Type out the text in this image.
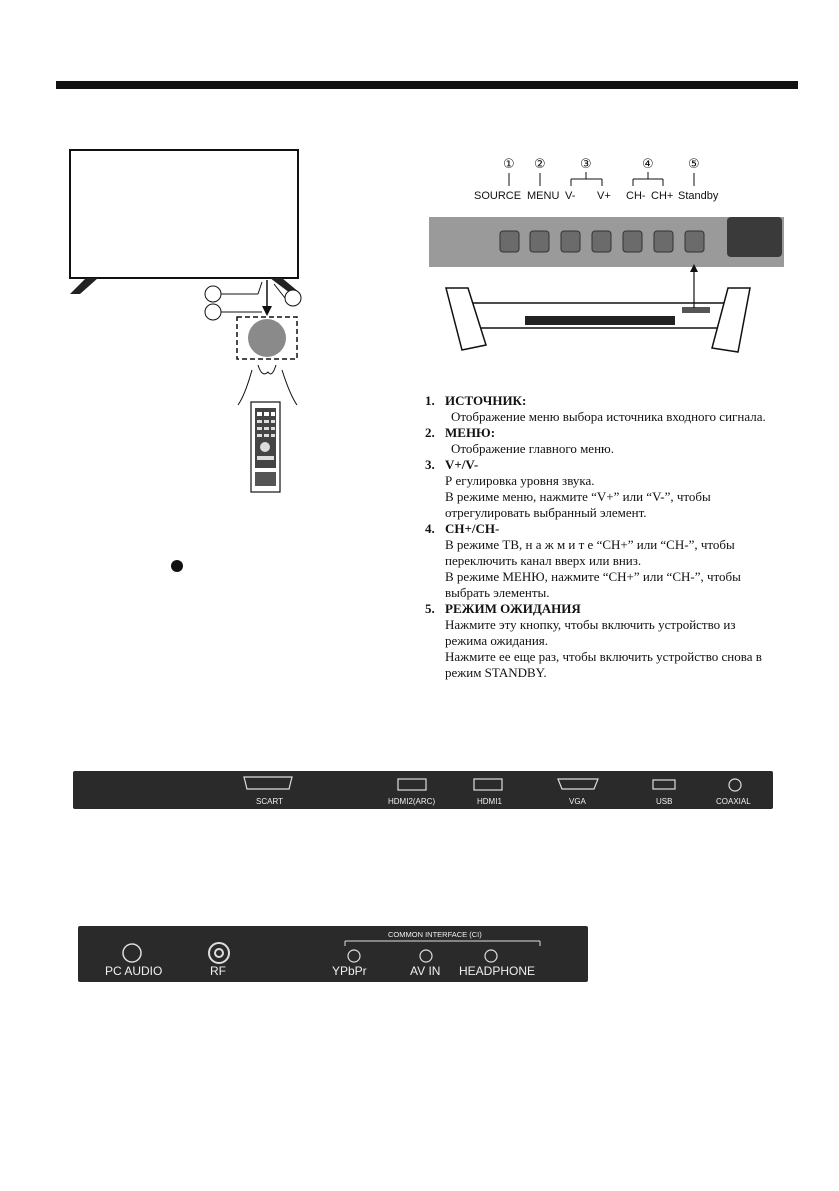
① ②	③	④	⑤
SOURCE MENU V- V+ CH- CH+ Standby
1. ИСТОЧНИК:
Отображение меню выбора источника входного сигнала.
2. МЕНЮ:
Отображение главного меню.
3. V+/V-
Р егулировка уровня звука.
В режиме меню, нажмите “V+” или “V-”, чтобы
отрегулировать выбранный элемент.
4. CH+/CH-
В режиме ТВ, н а ж м и т е “CH+” или “CH-”, чтобы
переключить канал вверх или вниз.
В режиме МЕНЮ, нажмите “CH+” или “CH-”, чтобы
выбрать элементы.
5. РЕЖИМ ОЖИДАНИЯ
Нажмите эту кнопку, чтобы включить устройство из
режима ожидания.
Нажмите ее еще раз, чтобы включить устройство снова в
режим STANDBY.
SCART	HDMI2(ARC)	HDMI1	VGA	USB	COAXIAL
COMMON INTERFACE (CI)
PC AUDIO	RF	YPbPr	AV IN HEADPHONE
